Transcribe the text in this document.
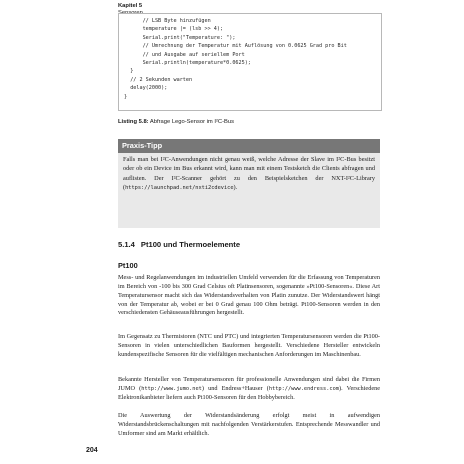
Kapitel 5
// LSB Byte hinzufügen
temperature |= (lsb >> 4);
Serial.print("Temperature: ");
// Umrechnung der Temperatur mit Auflösung von 0.0625 Grad pro Bit
// und Ausgabe auf seriellem Port
Serial.println(temperature*0.0625);
}
// 2 Sekunden warten
delay(2000);
}
Listing 5.8: Abfrage Lego-Sensor im I²C-Bus
Praxis-Tipp
Falls man bei I²C-Anwendungen nicht genau weiß, welche Adresse der Slave im I²C-Bus besitzt oder ob ein Device im Bus erkannt wird, kann man mit einem Testsketch die Clients abfragen und auflisten. Der I²C-Scanner gehört zu den Beispielsketchen der NXT-I²C-Library (https://launchpad.net/nxti2cdevice).
5.1.4 Pt100 und Thermoelemente
Pt100

Mess- und Regelanwendungen im industriellen Umfeld verwenden für die Erfassung von Temperaturen im Bereich von -100 bis 300 Grad Celsius oft Platinsensoren, sogenannte »Pt100-Sensoren«. Diese Art Temperatursensor macht sich das Widerstandsverhalten von Platin zunutze. Der Widerstandswert hängt von der Temperatur ab, wobei er bei 0 Grad genau 100 Ohm beträgt. Pt100-Sensoren werden in den verschiedensten Gehäuseausführungen hergestellt.

Im Gegensatz zu Thermistoren (NTC und PTC) und integrierten Temperatursensoren werden die Pt100-Sensoren in vielen unterschiedlichen Bauformen hergestellt. Verschiedene Hersteller entwickeln kundenspezifische Sensoren für die vielfältigen mechanischen Anforderungen im Maschinenbau.

Bekannte Hersteller von Temperatursensoren für professionelle Anwendungen sind dabei die Firmen JUMO (http://www.jumo.net) und Endress+Hauser (http://www.endress.com). Verschiedene Elektronikanbieter liefern auch Pt100-Sensoren für den Hobbybereich.

Die Auswertung der Widerstandsänderung erfolgt meist in aufwendigen Widerstandsbrückenschaltungen mit nachfolgenden Verstärkerstufen. Entsprechende Messwandler und Umformer sind am Markt erhältlich.

204
